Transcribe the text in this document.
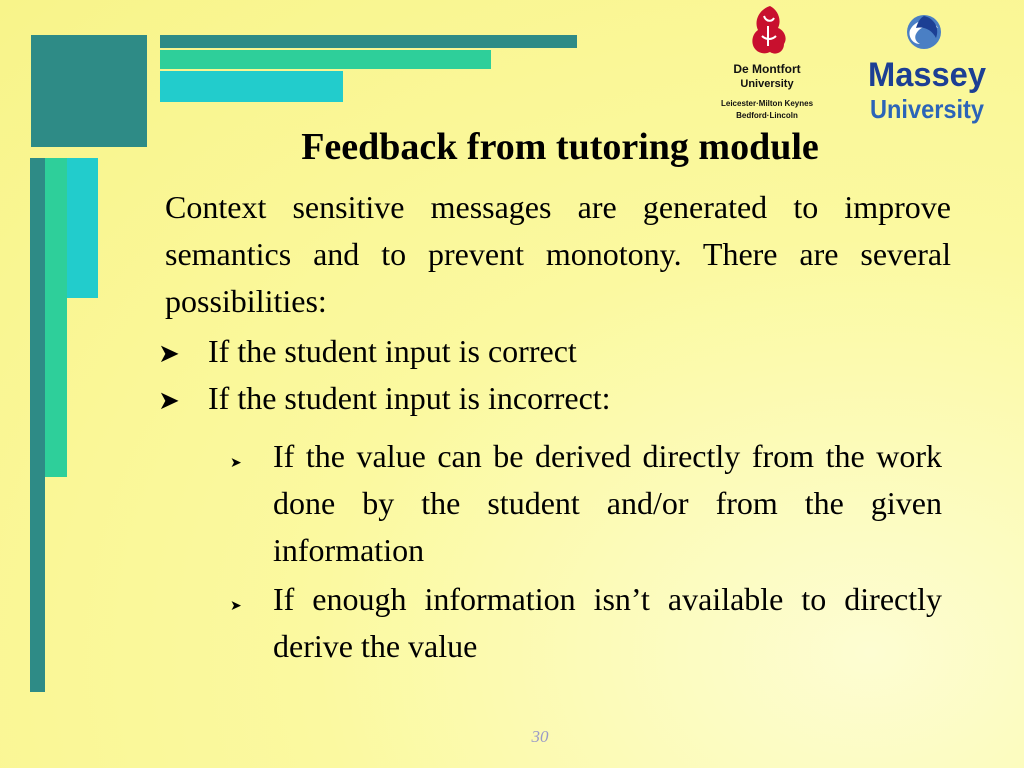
De Montfort
University
Leicester·Milton Keynes
Bedford·Lincoln
Massey
University
Feedback from tutoring module

Context sensitive messages are generated to improve semantics and to prevent monotony. There are several possibilities:

➤ If the student input is correct
➤ If the student input is incorrect:
➤ If the value can be derived directly from the work done by the student and/or from the given information
➤ If enough information isn’t available to directly derive the value
30
